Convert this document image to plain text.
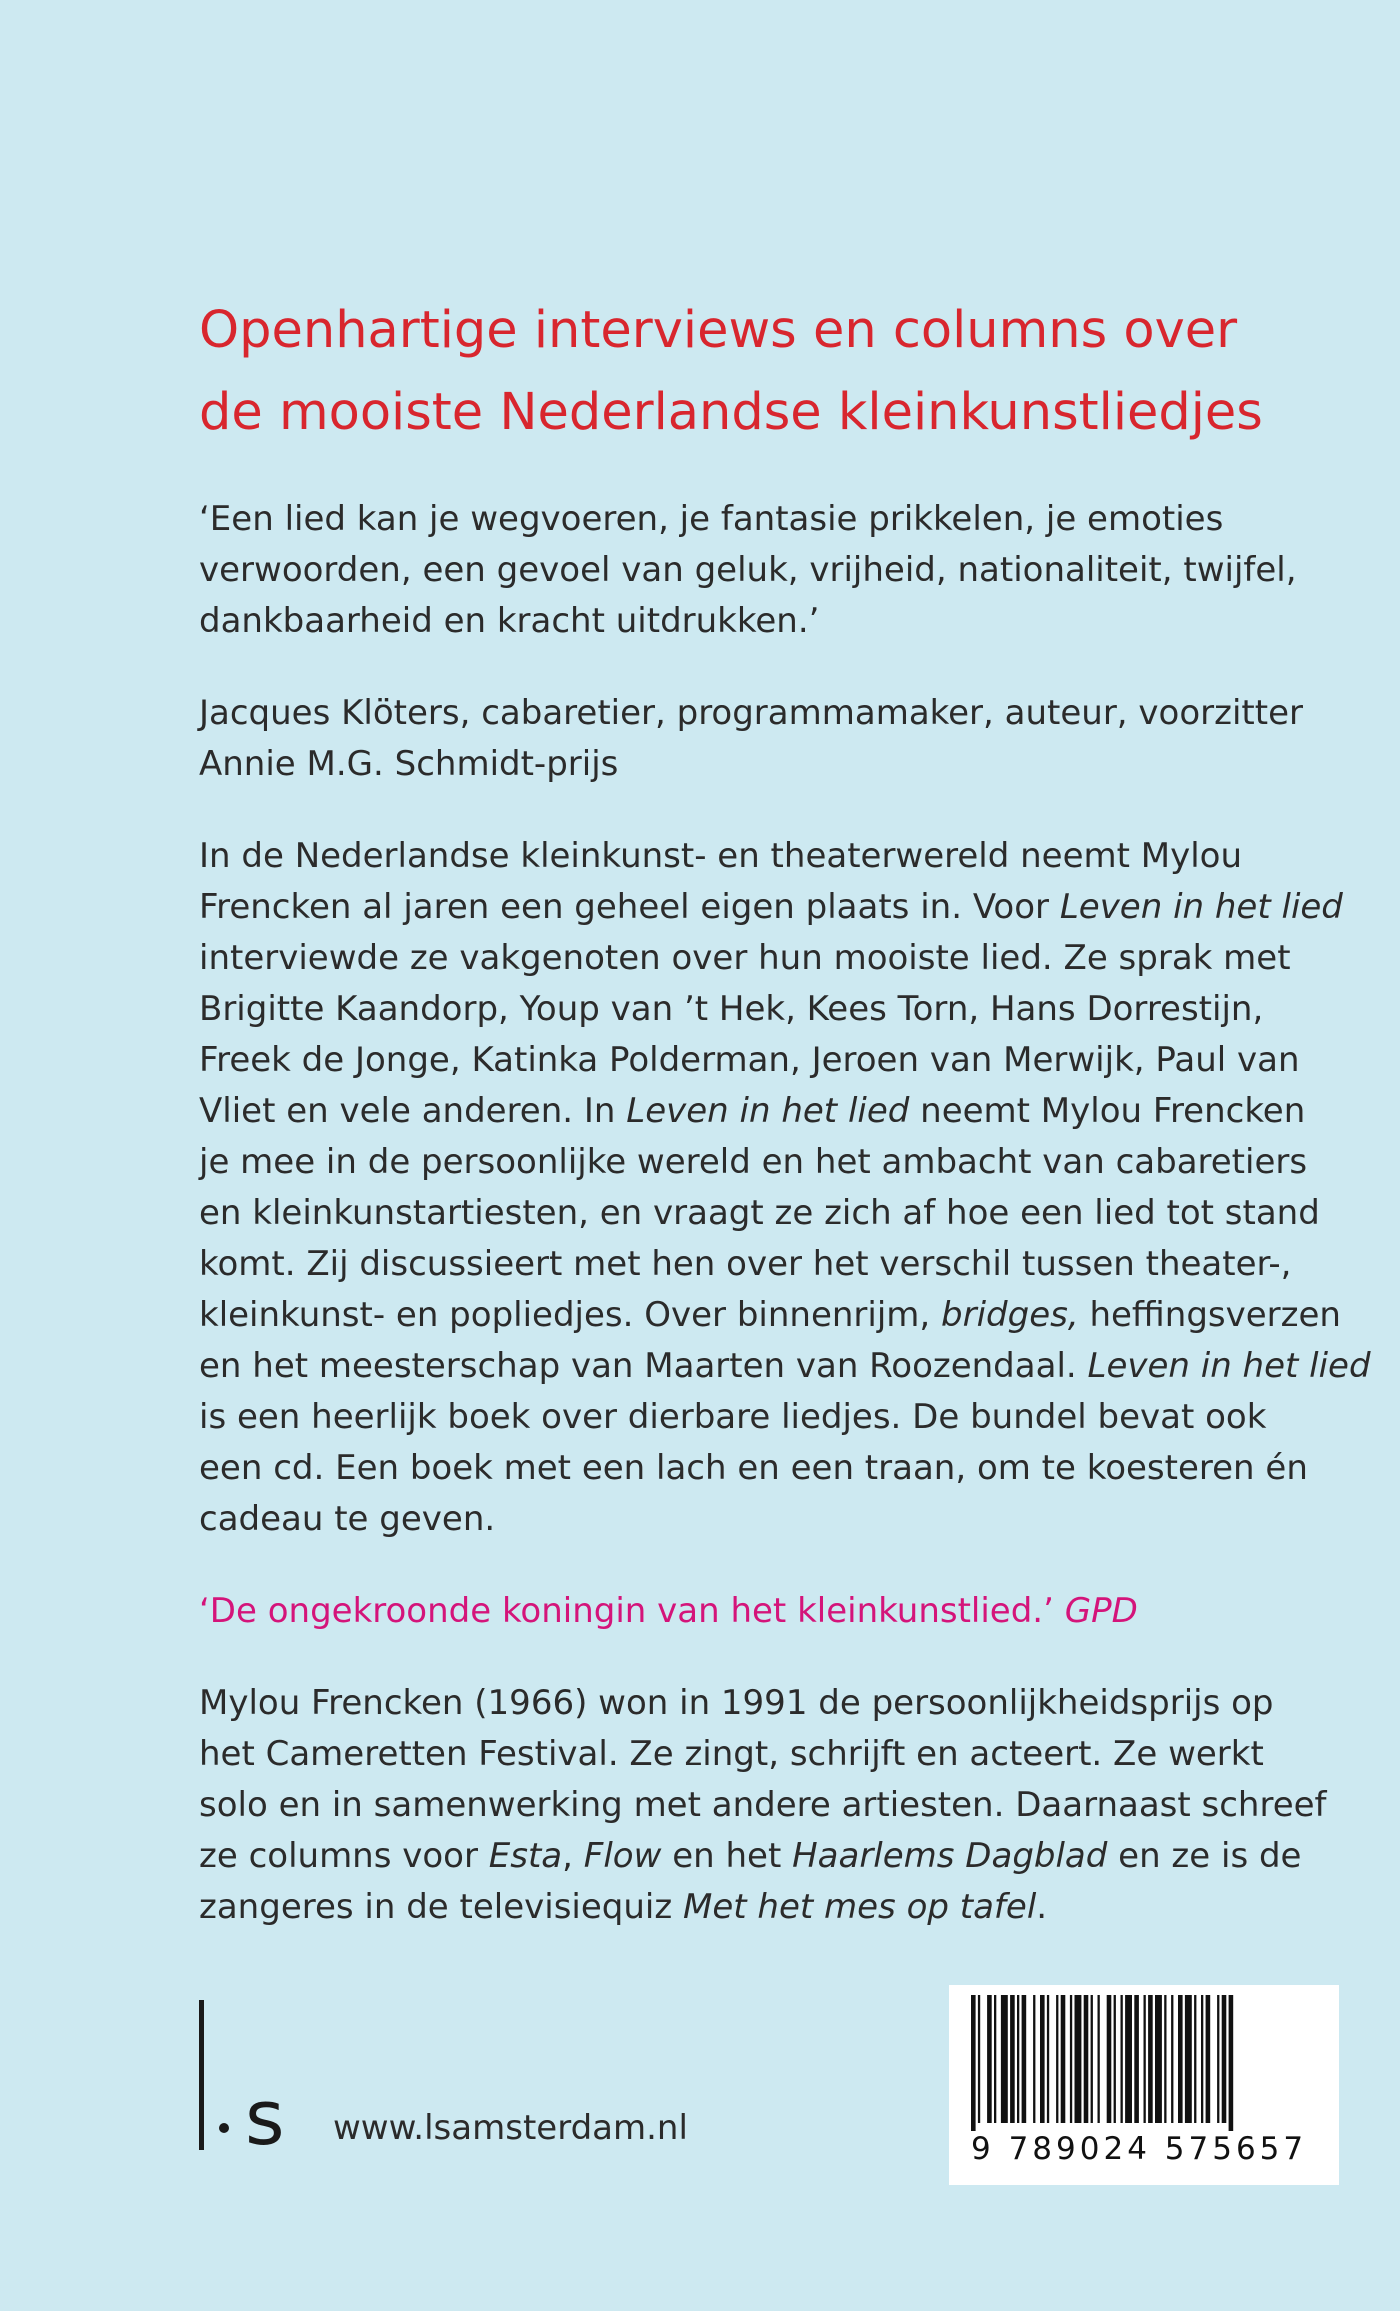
Openhartige interviews en columns over
de mooiste Nederlandse kleinkunstliedjes
‘Een lied kan je wegvoeren, je fantasie prikkelen, je emoties
verwoorden, een gevoel van geluk, vrijheid, nationaliteit, twijfel,
dankbaarheid en kracht uitdrukken.’
Jacques Klöters, cabaretier, programmamaker, auteur, voorzitter
Annie M.G. Schmidt-prijs
In de Nederlandse kleinkunst- en theaterwereld neemt Mylou
Frencken al jaren een geheel eigen plaats in. Voor Leven in het lied
interviewde ze vakgenoten over hun mooiste lied. Ze sprak met
Brigitte Kaandorp, Youp van ’t Hek, Kees Torn, Hans Dorrestijn,
Freek de Jonge, Katinka Polderman, Jeroen van Merwijk, Paul van
Vliet en vele anderen. In Leven in het lied neemt Mylou Frencken
je mee in de persoonlijke wereld en het ambacht van cabaretiers
en kleinkunstartiesten, en vraagt ze zich af hoe een lied tot stand
komt. Zij discussieert met hen over het verschil tussen theater-,
kleinkunst- en popliedjes. Over binnenrijm, bridges, heffingsverzen
en het meesterschap van Maarten van Roozendaal. Leven in het lied
is een heerlijk boek over dierbare liedjes. De bundel bevat ook
een cd. Een boek met een lach en een traan, om te koesteren én
cadeau te geven.
‘De ongekroonde koningin van het kleinkunstlied.’ GPD
Mylou Frencken (1966) won in 1991 de persoonlijkheidsprijs op
het Cameretten Festival. Ze zingt, schrijft en acteert. Ze werkt
solo en in samenwerking met andere artiesten. Daarnaast schreef
ze columns voor Esta, Flow en het Haarlems Dagblad en ze is de
zangeres in de televisiequiz Met het mes op tafel.
s www.lsamsterdam.nl
9 789024 575657
